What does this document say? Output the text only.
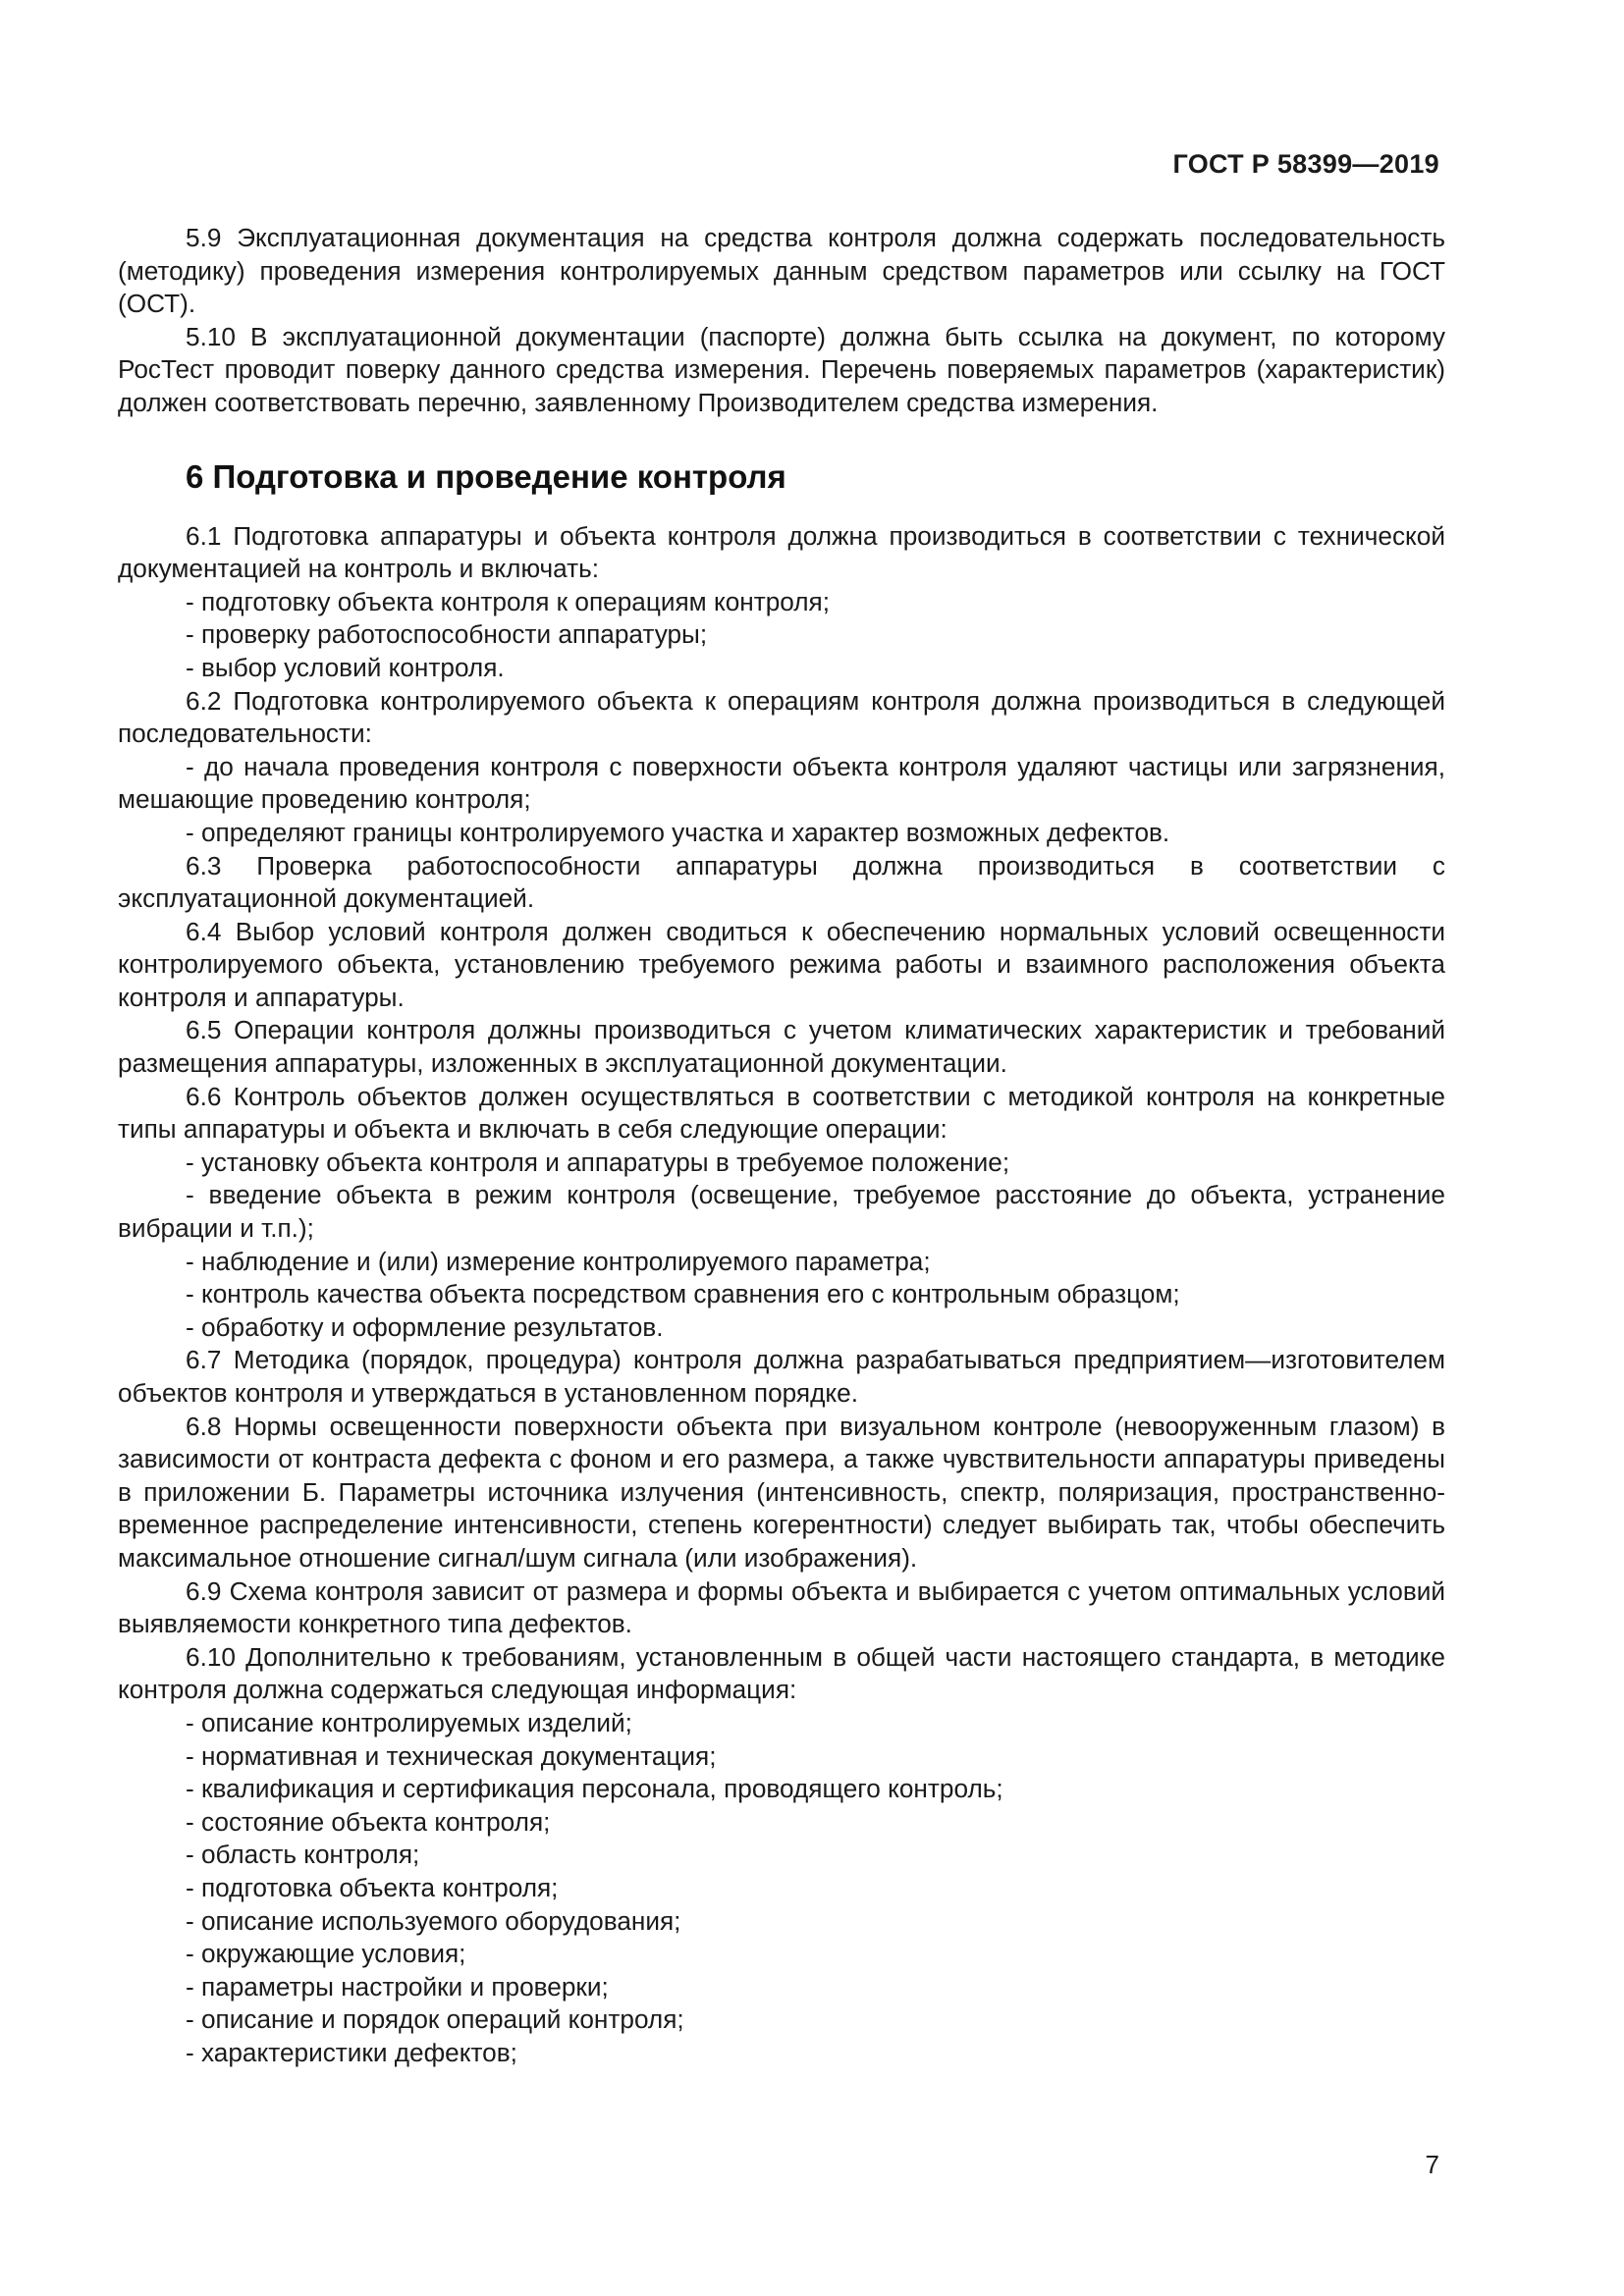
ГОСТ Р 58399—2019

5.9 Эксплуатационная документация на средства контроля должна содержать последовательность (методику) проведения измерения контролируемых данным средством параметров или ссылку на ГОСТ (ОСТ).

5.10 В эксплуатационной документации (паспорте) должна быть ссылка на документ, по которому РосТест проводит поверку данного средства измерения. Перечень поверяемых параметров (характеристик) должен соответствовать перечню, заявленному Производителем средства измерения.

6 Подготовка и проведение контроля

6.1 Подготовка аппаратуры и объекта контроля должна производиться в соответствии с технической документацией на контроль и включать:

- подготовку объекта контроля к операциям контроля;

- проверку работоспособности аппаратуры;

- выбор условий контроля.

6.2 Подготовка контролируемого объекта к операциям контроля должна производиться в следующей последовательности:

- до начала проведения контроля с поверхности объекта контроля удаляют частицы или загрязнения, мешающие проведению контроля;

- определяют границы контролируемого участка и характер возможных дефектов.

6.3 Проверка работоспособности аппаратуры должна производиться в соответствии с эксплуатационной документацией.

6.4 Выбор условий контроля должен сводиться к обеспечению нормальных условий освещенности контролируемого объекта, установлению требуемого режима работы и взаимного расположения объекта контроля и аппаратуры.

6.5 Операции контроля должны производиться с учетом климатических характеристик и требований размещения аппаратуры, изложенных в эксплуатационной документации.

6.6 Контроль объектов должен осуществляться в соответствии с методикой контроля на конкретные типы аппаратуры и объекта и включать в себя следующие операции:

- установку объекта контроля и аппаратуры в требуемое положение;

- введение объекта в режим контроля (освещение, требуемое расстояние до объекта, устранение вибрации и т.п.);

- наблюдение и (или) измерение контролируемого параметра;

- контроль качества объекта посредством сравнения его с контрольным образцом;

- обработку и оформление результатов.

6.7 Методика (порядок, процедура) контроля должна разрабатываться предприятием—изготовителем объектов контроля и утверждаться в установленном порядке.

6.8 Нормы освещенности поверхности объекта при визуальном контроле (невооруженным глазом) в зависимости от контраста дефекта с фоном и его размера, а также чувствительности аппаратуры приведены в приложении Б. Параметры источника излучения (интенсивность, спектр, поляризация, пространственно-временное распределение интенсивности, степень когерентности) следует выбирать так, чтобы обеспечить максимальное отношение сигнал/шум сигнала (или изображения).

6.9 Схема контроля зависит от размера и формы объекта и выбирается с учетом оптимальных условий выявляемости конкретного типа дефектов.

6.10 Дополнительно к требованиям, установленным в общей части настоящего стандарта, в методике контроля должна содержаться следующая информация:

- описание контролируемых изделий;

- нормативная и техническая документация;

- квалификация и сертификация персонала, проводящего контроль;

- состояние объекта контроля;

- область контроля;

- подготовка объекта контроля;

- описание используемого оборудования;

- окружающие условия;

- параметры настройки и проверки;

- описание и порядок операций контроля;

- характеристики дефектов;

7
